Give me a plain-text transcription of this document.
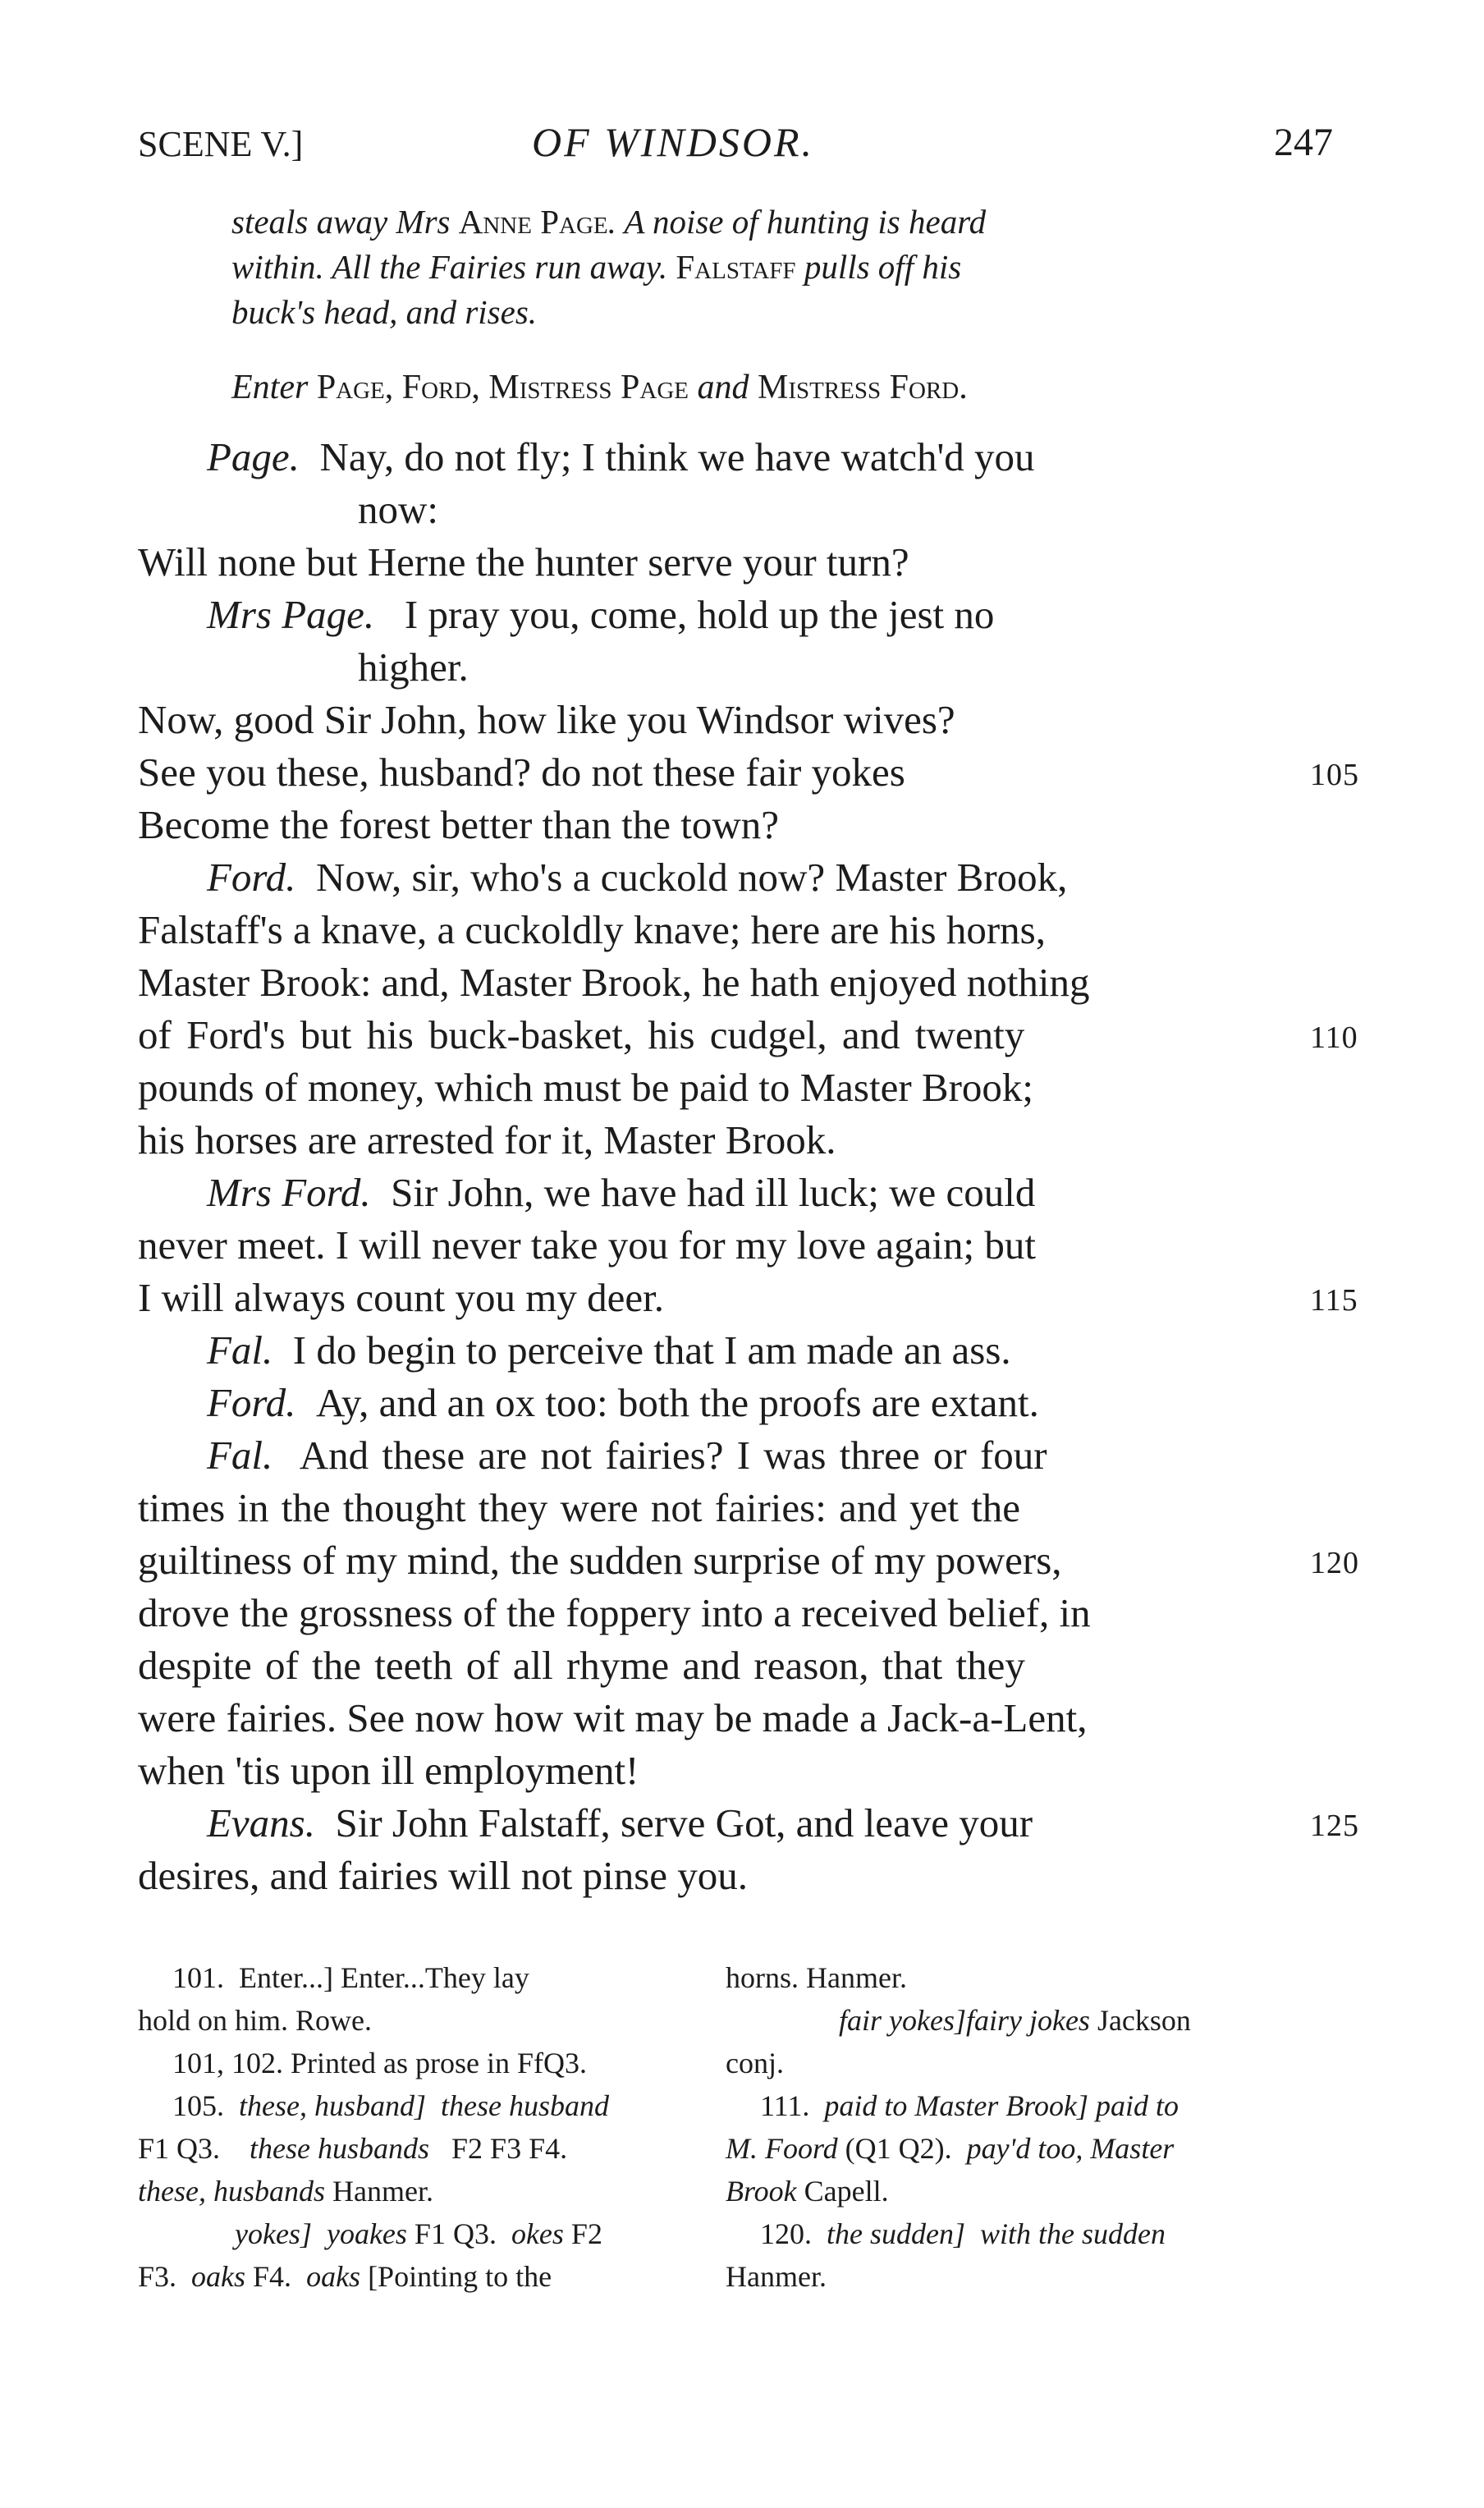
SCENE V.]	OF WINDSOR.	247
steals away Mrs Anne Page. A noise of hunting is heard
within. All the Fairies run away. Falstaff pulls off his
buck's head, and rises.
Enter Page, Ford, Mistress Page and Mistress Ford.
Page. Nay, do not fly; I think we have watch'd you
now:
Will none but Herne the hunter serve your turn?
Mrs Page. I pray you, come, hold up the jest no
higher.
Now, good Sir John, how like you Windsor wives?
See you these, husband? do not these fair yokes
Become the forest better than the town?
Ford. Now, sir, who's a cuckold now? Master Brook,
Falstaff's a knave, a cuckoldly knave; here are his horns,
Master Brook: and, Master Brook, he hath enjoyed nothing
of Ford's but his buck-basket, his cudgel, and twenty
pounds of money, which must be paid to Master Brook;
his horses are arrested for it, Master Brook.
Mrs Ford. Sir John, we have had ill luck; we could
never meet. I will never take you for my love again; but
I will always count you my deer.
Fal. I do begin to perceive that I am made an ass.
Ford. Ay, and an ox too: both the proofs are extant.
Fal. And these are not fairies? I was three or four
times in the thought they were not fairies: and yet the
guiltiness of my mind, the sudden surprise of my powers,
drove the grossness of the foppery into a received belief, in
despite of the teeth of all rhyme and reason, that they
were fairies. See now how wit may be made a Jack-a-Lent,
when 'tis upon ill employment!
Evans. Sir John Falstaff, serve Got, and leave your
desires, and fairies will not pinse you.
105
110
115
120
125
101. Enter...] Enter...They lay
hold on him. Rowe.
101, 102. Printed as prose in FfQ3.
105. these, husband] these husband
F1 Q3. these husbands F2 F3 F4.
these, husbands Hanmer.
yokes] yoakes F1 Q3. okes F2
F3. oaks F4. oaks [Pointing to the
horns. Hanmer.
fair yokes]fairy jokes Jackson
conj.
111. paid to Master Brook] paid to
M. Foord (Q1 Q2). pay'd too, Master
Brook Capell.
120. the sudden] with the sudden
Hanmer.
